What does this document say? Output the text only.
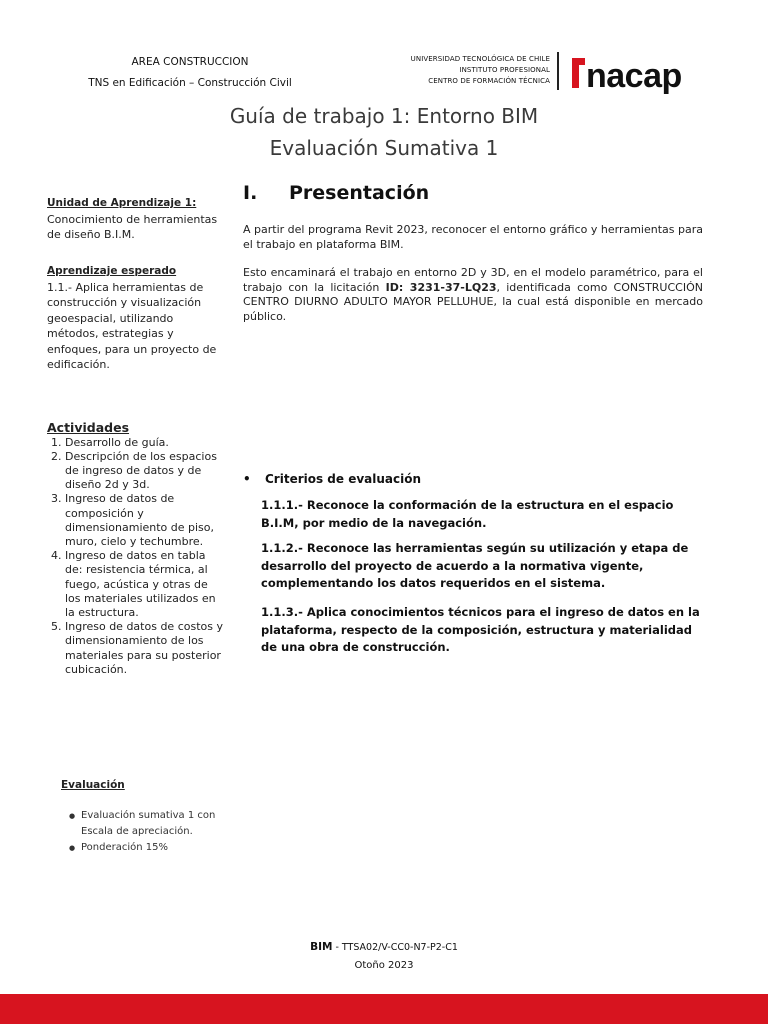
AREA CONSTRUCCION
TNS en Edificación – Construcción Civil
UNIVERSIDAD TECNOLÓGICA DE CHILE
INSTITUTO PROFESIONAL
CENTRO DE FORMACIÓN TÉCNICA nacap
Guía de trabajo 1: Entorno BIM
Evaluación Sumativa 1
Unidad de Aprendizaje 1:
Conocimiento de herramientas de diseño B.I.M.
Aprendizaje esperado
1.1.- Aplica herramientas de construcción y visualización geoespacial, utilizando métodos, estrategias y enfoques, para un proyecto de edificación.
Actividades
1. Desarrollo de guía.
2. Descripción de los espacios de ingreso de datos y de diseño 2d y 3d.
3. Ingreso de datos de composición y dimensionamiento de piso, muro, cielo y techumbre.
4. Ingreso de datos en tabla de: resistencia térmica, al fuego, acústica y otras de los materiales utilizados en la estructura.
5. Ingreso de datos de costos y dimensionamiento de los materiales para su posterior cubicación.
Evaluación
● Evaluación sumativa 1 con Escala de apreciación.
● Ponderación 15%
I. Presentación
A partir del programa Revit 2023, reconocer el entorno gráfico y herramientas para el trabajo en plataforma BIM.
Esto encaminará el trabajo en entorno 2D y 3D, en el modelo paramétrico, para el trabajo con la licitación ID: 3231-37-LQ23, identificada como CONSTRUCCIÓN CENTRO DIURNO ADULTO MAYOR PELLUHUE, la cual está disponible en mercado público.
• Criterios de evaluación
1.1.1.- Reconoce la conformación de la estructura en el espacio B.I.M, por medio de la navegación.
1.1.2.- Reconoce las herramientas según su utilización y etapa de desarrollo del proyecto de acuerdo a la normativa vigente, complementando los datos requeridos en el sistema.
1.1.3.- Aplica conocimientos técnicos para el ingreso de datos en la plataforma, respecto de la composición, estructura y materialidad de una obra de construcción.
BIM - TTSA02/V-CC0-N7-P2-C1
Otoño 2023
